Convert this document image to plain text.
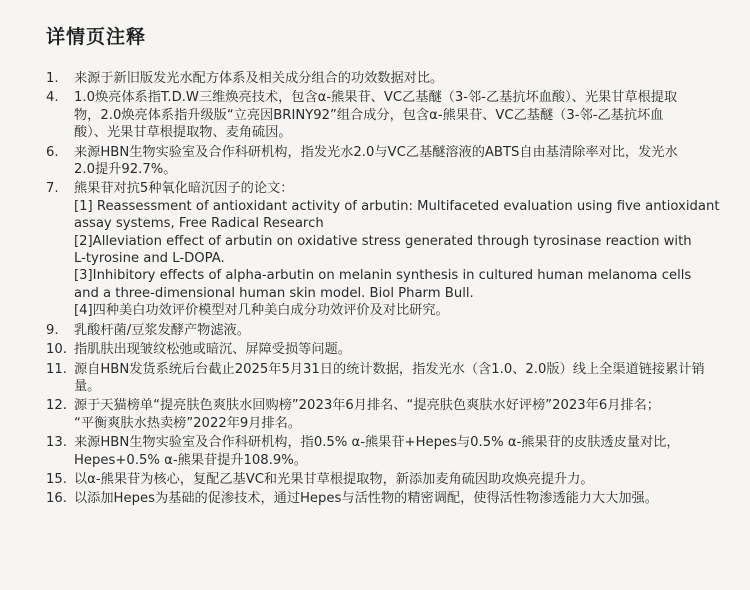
详情页注释
1.	来源于新旧版发光水配方体系及相关成分组合的功效数据对比。
4.	1.0焕亮体系指T.D.W三维焕亮技术，包含α-熊果苷、VC乙基醚（3-邻-乙基抗坏血酸）、光果甘草根提取
物，2.0焕亮体系指升级版“立亮因BRINY92”组合成分，包含α-熊果苷、VC乙基醚（3-邻-乙基抗坏血
酸）、光果甘草根提取物、麦角硫因。
6.	来源HBN生物实验室及合作科研机构，指发光水2.0与VC乙基醚溶液的ABTS自由基清除率对比，发光水
2.0提升92.7%。
7.	熊果苷对抗5种氧化暗沉因子的论文：
[1] Reassessment of antioxidant activity of arbutin: Multifaceted evaluation using five antioxidant
assay systems, Free Radical Research
[2]Alleviation effect of arbutin on oxidative stress generated through tyrosinase reaction with
L-tyrosine and L-DOPA.
[3]Inhibitory effects of alpha-arbutin on melanin synthesis in cultured human melanoma cells
and a three-dimensional human skin model. Biol Pharm Bull.
[4]四种美白功效评价模型对几种美白成分功效评价及对比研究。
9.	乳酸杆菌/豆浆发酵产物滤液。
10. 指肌肤出现皱纹松弛或暗沉、屏障受损等问题。
11. 源自HBN发货系统后台截止2025年5月31日的统计数据，指发光水（含1.0、2.0版）线上全渠道链接累计销
量。
12. 源于天猫榜单“提亮肤色爽肤水回购榜”2023年6月排名、“提亮肤色爽肤水好评榜”2023年6月排名；
“平衡爽肤水热卖榜”2022年9月排名。
13. 来源HBN生物实验室及合作科研机构，指0.5% α-熊果苷+Hepes与0.5% α-熊果苷的皮肤透皮量对比，
Hepes+0.5% α-熊果苷提升108.9%。
15. 以α-熊果苷为核心，复配乙基VC和光果甘草根提取物，新添加麦角硫因助攻焕亮提升力。
16. 以添加Hepes为基础的促渗技术，通过Hepes与活性物的精密调配，使得活性物渗透能力大大加强。
